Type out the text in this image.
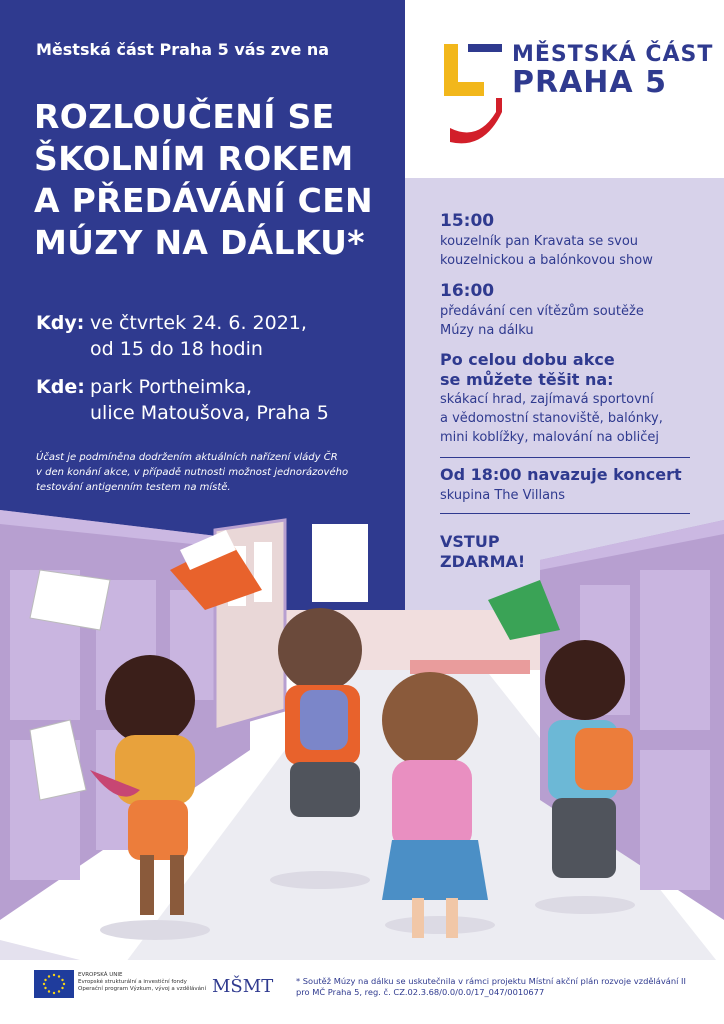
Městská část Praha 5 vás zve na
ROZLOUČENÍ SE
ŠKOLNÍM ROKEM
A PŘEDÁVÁNÍ CEN
MÚZY NA DÁLKU*
Kdy: ve čtvrtek 24. 6. 2021,
od 15 do 18 hodin
Kde: park Portheimka,
ulice Matoušova, Praha 5
Účast je podmíněna dodržením aktuálních nařízení vlády ČR
v den konání akce, v případě nutnosti možnost jednorázového
testování antigenním testem na místě.
MĚSTSKÁ ČÁST
PRAHA 5
15:00
kouzelník pan Kravata se svou
kouzelnickou a balónkovou show
16:00
předávání cen vítězům soutěže
Múzy na dálku
Po celou dobu akce
se můžete těšit na:
skákací hrad, zajímavá sportovní
a vědomostní stanoviště, balónky,
mini koblížky, malování na obličej
Od 18:00 navazuje koncert
skupina The Villans
VSTUP
ZDARMA!
EVROPSKÁ UNIE
Evropské strukturální a investiční fondy
Operační program Výzkum, vývoj a vzdělávání MŠMT	* Soutěž Múzy na dálku se uskutečnila v rámci projektu Místní akční plán rozvoje vzdělávání II
pro MČ Praha 5, reg. č. CZ.02.3.68/0.0/0.0/17_047/0010677
